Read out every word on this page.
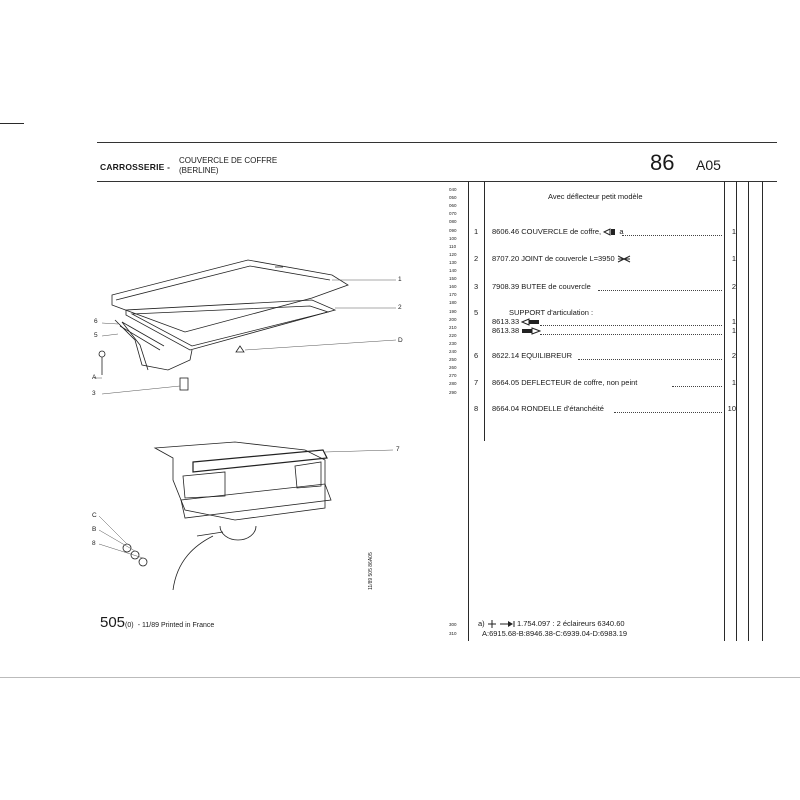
CARROSSERIE -
COUVERCLE DE COFFRE
(BERLINE)	86 A05
Avec déflecteur petit modèle
040
050
060
070
080
090
100
110
120
130
140
150
160
170
180
190
200
210
220
230
240
250
260
270
280
290
1 8606.46 COUVERCLE de coffre, a	1
2 8707.20 JOINT de couvercle L=3950	1
3 7908.39 BUTEE de couvercle	2
5	SUPPORT d'articulation :
8613.33	1
8613.38	1
6 8622.14 EQUILIBREUR	2
7 8664.05 DEFLECTEUR de coffre, non peint	1
8 8664.04 RONDELLE d'étanchéité	10
300
310
a)	1.754.097 : 2 éclaireurs 6340.60
A:6915.68-B:8946.38-C:6939.04-D:6983.19
11/89 505 86A05
505(0) - 11/89 Printed in France
1
2
D
6
5
A
3
7
C
B
8
